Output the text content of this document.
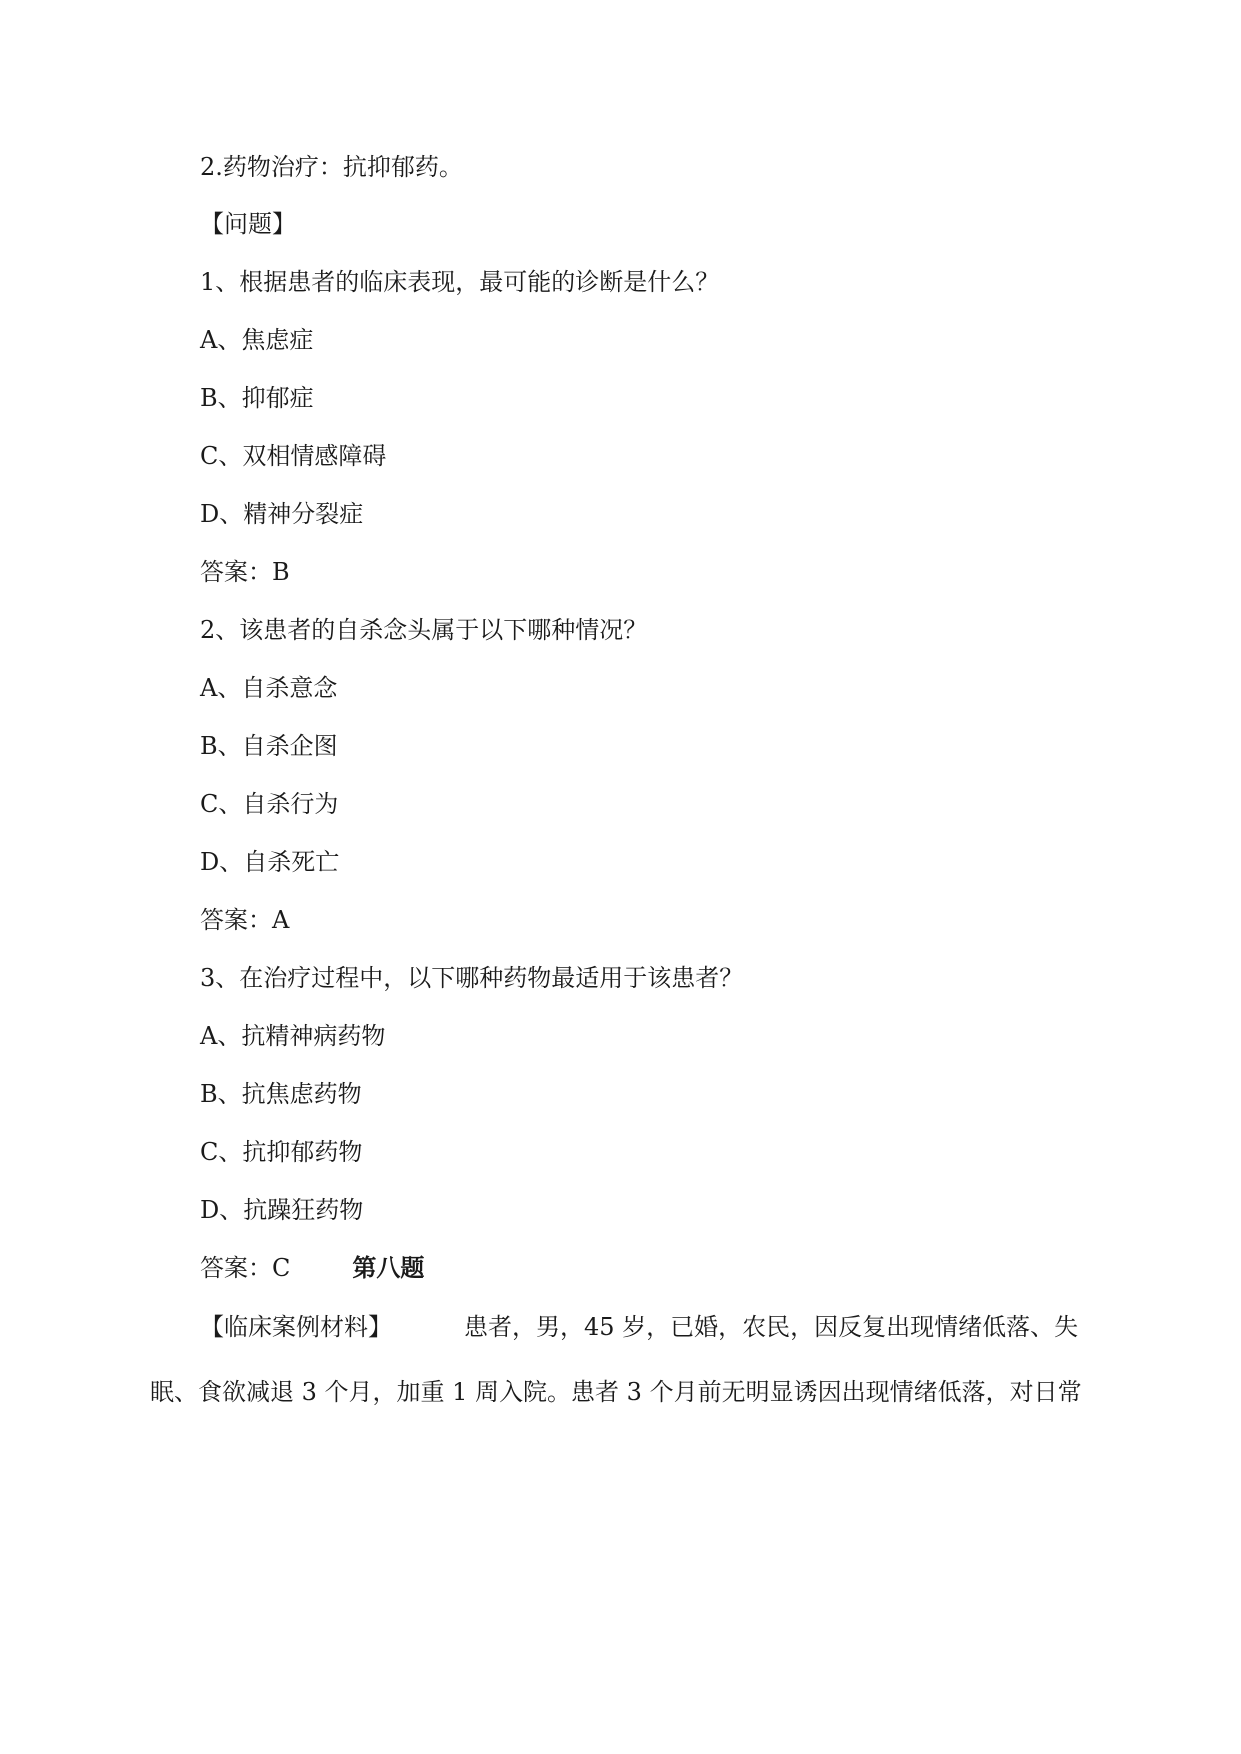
2.药物治疗：抗抑郁药。
【问题】
1、根据患者的临床表现，最可能的诊断是什么？
A、焦虑症
B、抑郁症
C、双相情感障碍
D、精神分裂症
答案：B
2、该患者的自杀念头属于以下哪种情况？
A、自杀意念
B、自杀企图
C、自杀行为
D、自杀死亡
答案：A
3、在治疗过程中，以下哪种药物最适用于该患者？
A、抗精神病药物
B、抗焦虑药物
C、抗抑郁药物
D、抗躁狂药物
答案：C	第八题
【临床案例材料】	患者，男，45 岁，已婚，农民，因反复出现情绪低落、失
眠、食欲减退 3 个月，加重 1 周入院。患者 3 个月前无明显诱因出现情绪低落，对日常
